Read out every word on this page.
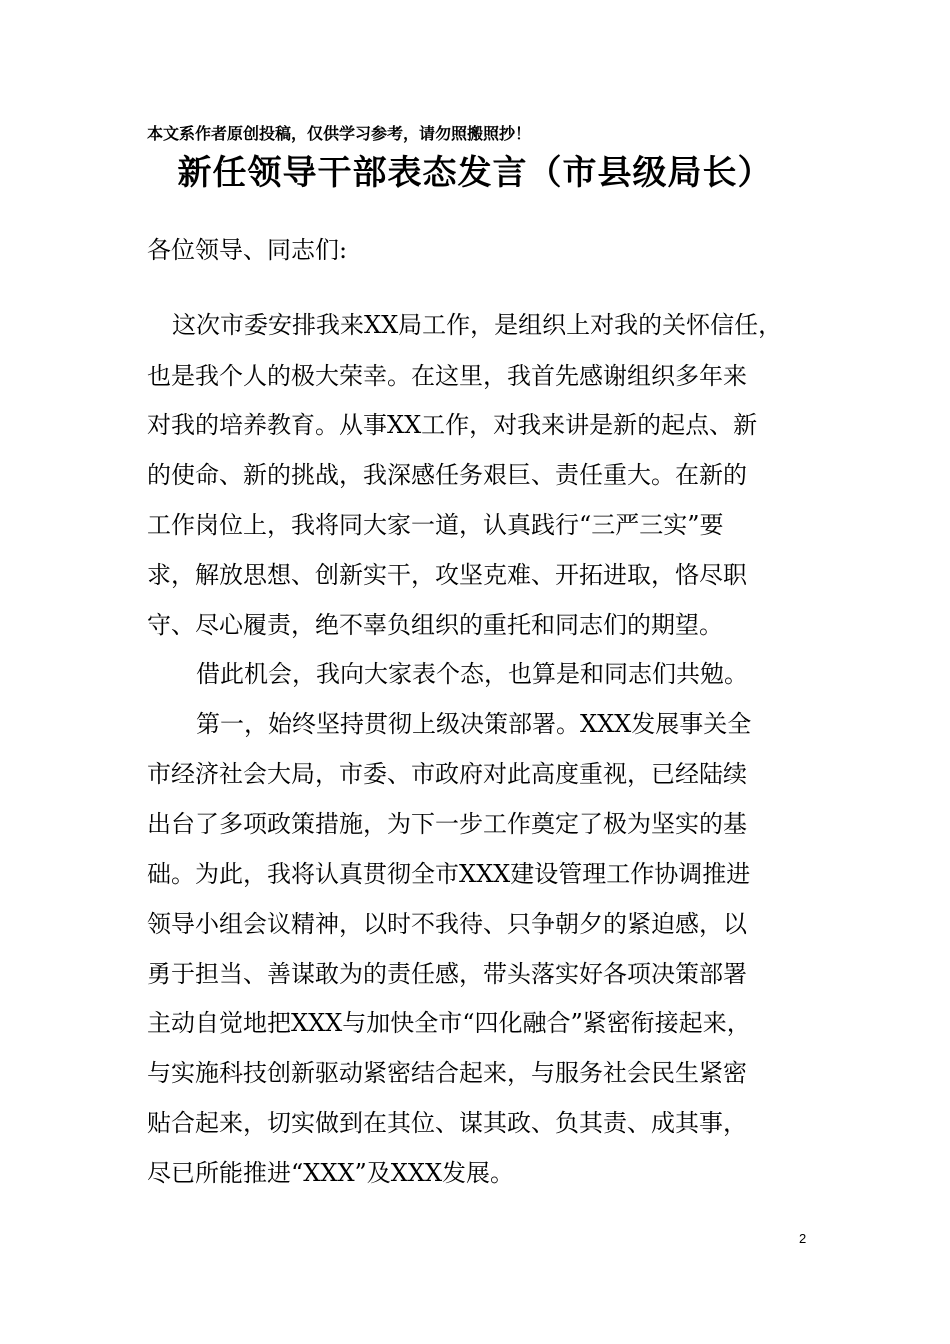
本文系作者原创投稿，仅供学习参考，请勿照搬照抄！
新任领导干部表态发言（市县级局长）
各位领导、同志们:
这次市委安排我来XX局工作，是组织上对我的关怀信任，
也是我个人的极大荣幸。在这里，我首先感谢组织多年来
对我的培养教育。从事XX工作，对我来讲是新的起点、新
的使命、新的挑战，我深感任务艰巨、责任重大。在新的
工作岗位上，我将同大家一道，认真践行“三严三实”要
求，解放思想、创新实干，攻坚克难、开拓进取，恪尽职
守、尽心履责，绝不辜负组织的重托和同志们的期望。
借此机会，我向大家表个态，也算是和同志们共勉。
第一，始终坚持贯彻上级决策部署。XXX发展事关全
市经济社会大局，市委、市政府对此高度重视，已经陆续
出台了多项政策措施，为下一步工作奠定了极为坚实的基
础。为此，我将认真贯彻全市XXX建设管理工作协调推进
领导小组会议精神，以时不我待、只争朝夕的紧迫感，以
勇于担当、善谋敢为的责任感，带头落实好各项决策部署
主动自觉地把XXX与加快全市“四化融合”紧密衔接起来，
与实施科技创新驱动紧密结合起来，与服务社会民生紧密
贴合起来，切实做到在其位、谋其政、负其责、成其事，
尽已所能推进“XXX”及XXX发展。
2
